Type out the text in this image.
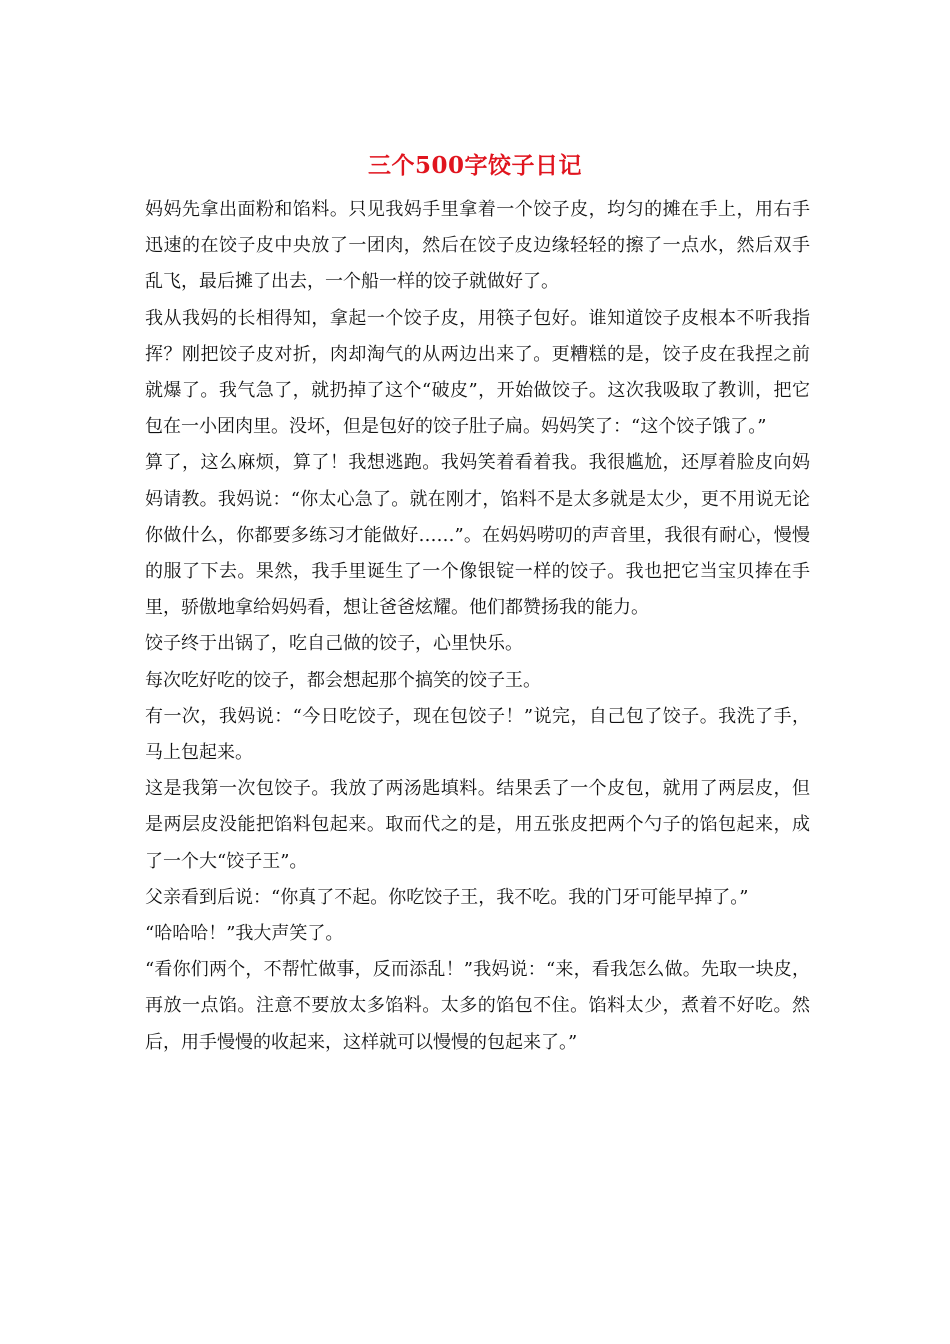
三个500字饺子日记

妈妈先拿出面粉和馅料。只见我妈手里拿着一个饺子皮，均匀的摊在手上，用右手迅速的在饺子皮中央放了一团肉，然后在饺子皮边缘轻轻的擦了一点水，然后双手乱飞，最后摊了出去，一个船一样的饺子就做好了。

我从我妈的长相得知，拿起一个饺子皮，用筷子包好。谁知道饺子皮根本不听我指挥？刚把饺子皮对折，肉却淘气的从两边出来了。更糟糕的是，饺子皮在我捏之前就爆了。我气急了，就扔掉了这个“破皮”，开始做饺子。这次我吸取了教训，把它包在一小团肉里。没坏，但是包好的饺子肚子扁。妈妈笑了：“这个饺子饿了。”

算了，这么麻烦，算了！我想逃跑。我妈笑着看着我。我很尴尬，还厚着脸皮向妈妈请教。我妈说：“你太心急了。就在刚才，馅料不是太多就是太少，更不用说无论你做什么，你都要多练习才能做好……”。在妈妈唠叨的声音里，我很有耐心，慢慢的服了下去。果然，我手里诞生了一个像银锭一样的饺子。我也把它当宝贝捧在手里，骄傲地拿给妈妈看，想让爸爸炫耀。他们都赞扬我的能力。

饺子终于出锅了，吃自己做的饺子，心里快乐。

每次吃好吃的饺子，都会想起那个搞笑的饺子王。

有一次，我妈说：“今日吃饺子，现在包饺子！”说完，自己包了饺子。我洗了手，马上包起来。

这是我第一次包饺子。我放了两汤匙填料。结果丢了一个皮包，就用了两层皮，但是两层皮没能把馅料包起来。取而代之的是，用五张皮把两个勺子的馅包起来，成了一个大“饺子王”。

父亲看到后说：“你真了不起。你吃饺子王，我不吃。我的门牙可能早掉了。”

“哈哈哈！”我大声笑了。

“看你们两个，不帮忙做事，反而添乱！”我妈说：“来，看我怎么做。先取一块皮，再放一点馅。注意不要放太多馅料。太多的馅包不住。馅料太少，煮着不好吃。然后，用手慢慢的收起来，这样就可以慢慢的包起来了。”
